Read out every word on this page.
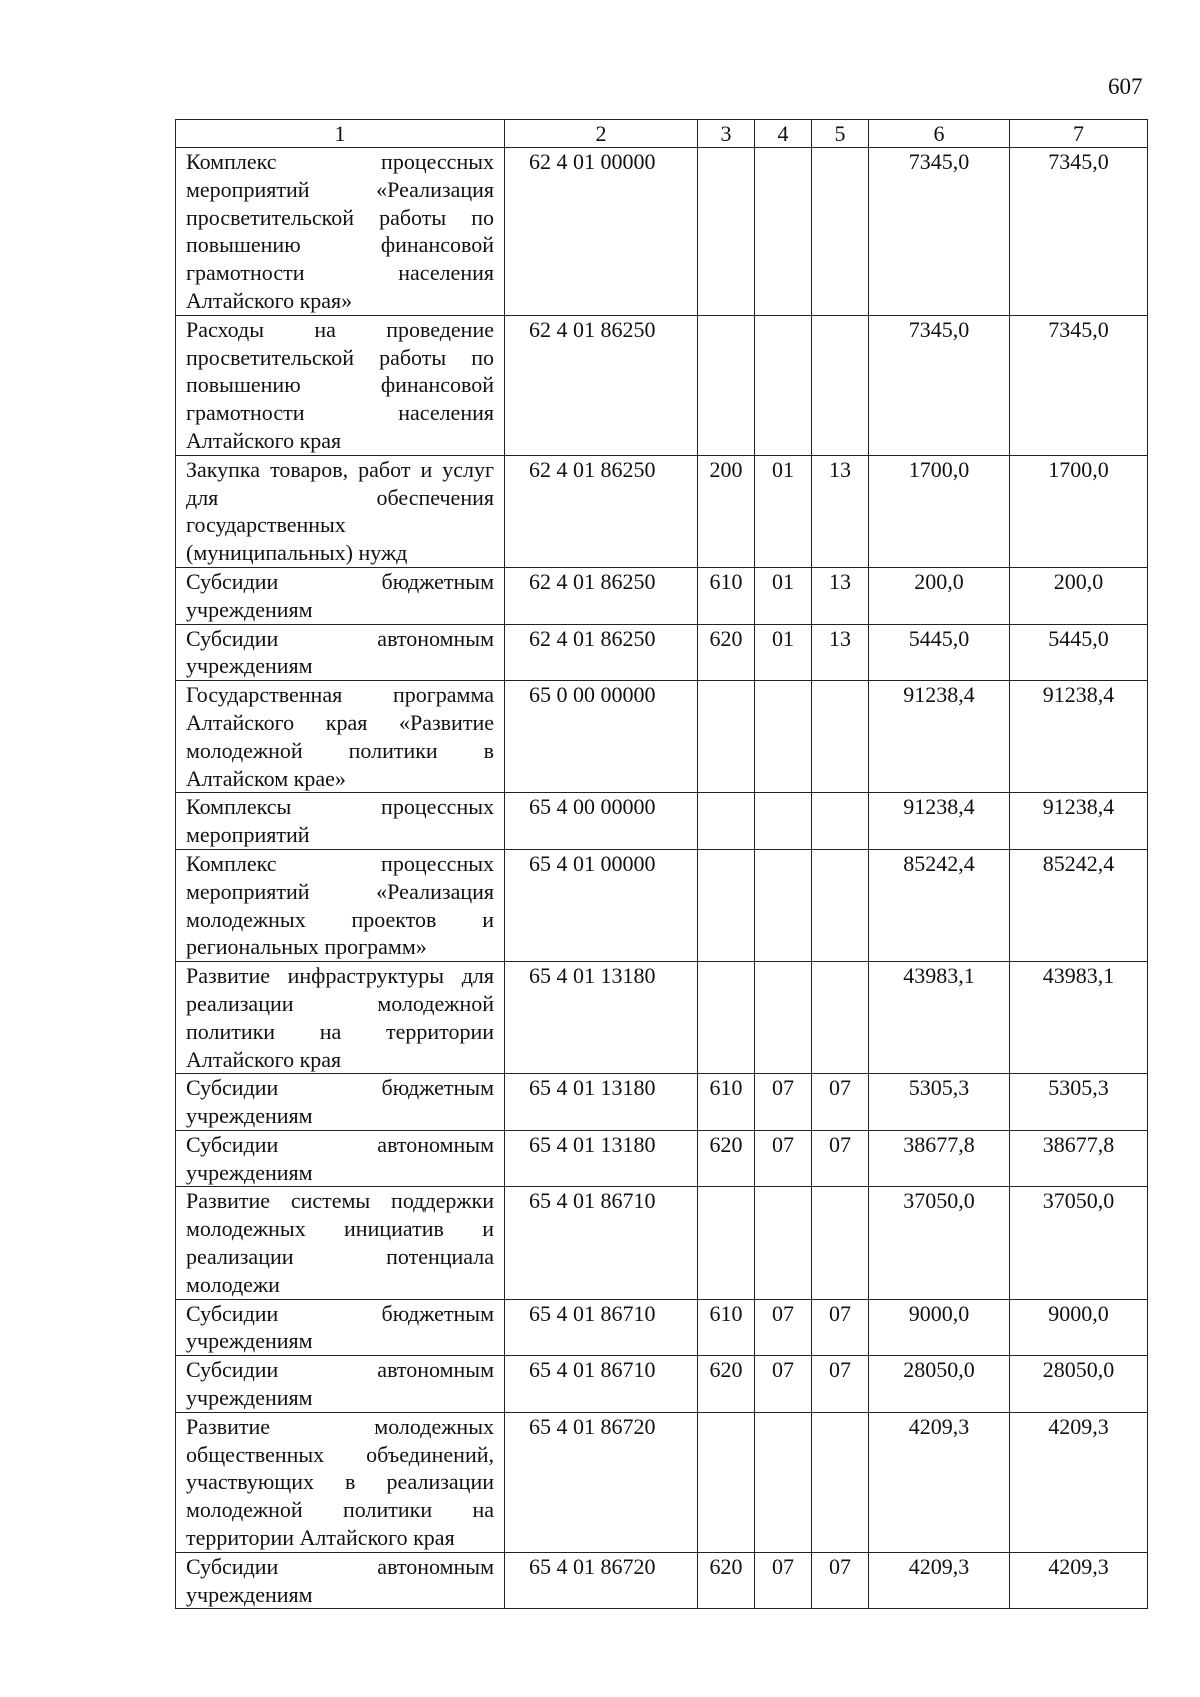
607
1	2	3	4	5	6	7
Комплекс процессных мероприятий «Реализация просветительской работы по повышению финансовой грамотности населения Алтайского края»	62 4 01 00000				7345,0	7345,0
Расходы на проведение просветительской работы по повышению финансовой грамотности населения Алтайского края	62 4 01 86250				7345,0	7345,0
Закупка товаров, работ и услуг для обеспечения государственных (муниципальных) нужд	62 4 01 86250	200	01	13	1700,0	1700,0
Субсидии бюджетным учреждениям	62 4 01 86250	610	01	13	200,0	200,0
Субсидии автономным учреждениям	62 4 01 86250	620	01	13	5445,0	5445,0
Государственная программа Алтайского края «Развитие молодежной политики в Алтайском крае»	65 0 00 00000				91238,4	91238,4
Комплексы процессных мероприятий	65 4 00 00000				91238,4	91238,4
Комплекс процессных мероприятий «Реализация молодежных проектов и региональных программ»	65 4 01 00000				85242,4	85242,4
Развитие инфраструктуры для реализации молодежной политики на территории Алтайского края	65 4 01 13180				43983,1	43983,1
Субсидии бюджетным учреждениям	65 4 01 13180	610	07	07	5305,3	5305,3
Субсидии автономным учреждениям	65 4 01 13180	620	07	07	38677,8	38677,8
Развитие системы поддержки молодежных инициатив и реализации потенциала молодежи	65 4 01 86710				37050,0	37050,0
Субсидии бюджетным учреждениям	65 4 01 86710	610	07	07	9000,0	9000,0
Субсидии автономным учреждениям	65 4 01 86710	620	07	07	28050,0	28050,0
Развитие молодежных общественных объединений, участвующих в реализации молодежной политики на территории Алтайского края	65 4 01 86720				4209,3	4209,3
Субсидии автономным учреждениям	65 4 01 86720	620	07	07	4209,3	4209,3
